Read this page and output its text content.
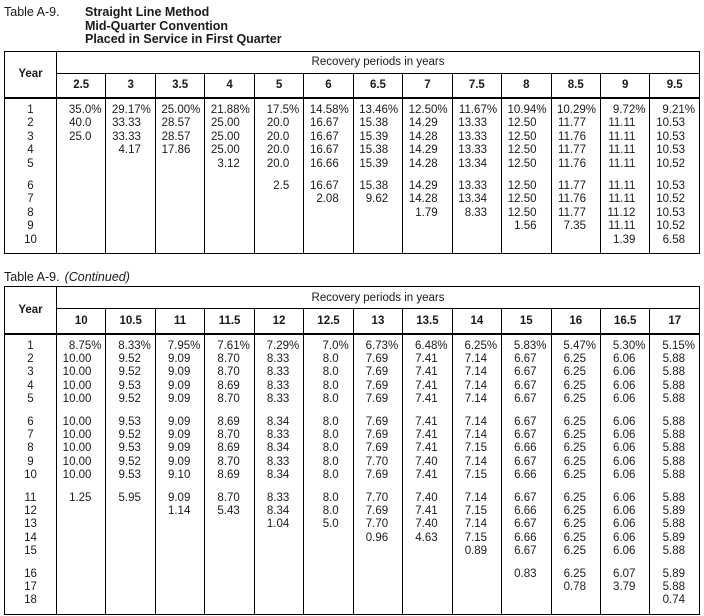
Table A-9.	Straight Line Method
Mid-Quarter Convention
Placed in Service in First Quarter
Year	Recovery periods in years												
	2.5	3	3.5	4	5	6	6.5	7	7.5	8	8.5	9	9.5
1	35.0%	29.17%	25.00%	21.88%	17.5%	14.58%	13.46%	12.50%	11.67%	10.94%	10.29%	9.72%	9.21%
2	40.0	33.33	28.57	25.00	20.0	16.67	15.38	14.29	13.33	12.50	11.77	11.11	10.53
3	25.0	33.33	28.57	25.00	20.0	16.67	15.39	14.28	13.33	12.50	11.76	11.11	10.53
4		4.17	17.86	25.00	20.0	16.67	15.38	14.29	13.33	12.50	11.77	11.11	10.53
5				3.12	20.0	16.66	15.39	14.28	13.34	12.50	11.76	11.11	10.52

6					2.5	16.67	15.38	14.29	13.33	12.50	11.77	11.11	10.53
7						2.08	9.62	14.28	13.34	12.50	11.76	11.11	10.52
8								1.79	8.33	12.50	11.77	11.12	10.53
9										1.56	7.35	11.11	10.52
10												1.39	6.58
Table A-9. (Continued)
Year	Recovery periods in years												
	10	10.5	11	11.5	12	12.5	13	13.5	14	15	16	16.5	17
1	8.75%	8.33%	7.95%	7.61%	7.29%	7.0%	6.73%	6.48%	6.25%	5.83%	5.47%	5.30%	5.15%
2	10.00	9.52	9.09	8.70	8.33	8.0	7.69	7.41	7.14	6.67	6.25	6.06	5.88
3	10.00	9.52	9.09	8.70	8.33	8.0	7.69	7.41	7.14	6.67	6.25	6.06	5.88
4	10.00	9.53	9.09	8.69	8.33	8.0	7.69	7.41	7.14	6.67	6.25	6.06	5.88
5	10.00	9.52	9.09	8.70	8.33	8.0	7.69	7.41	7.14	6.67	6.25	6.06	5.88

6	10.00	9.53	9.09	8.69	8.34	8.0	7.69	7.41	7.14	6.67	6.25	6.06	5.88
7	10.00	9.52	9.09	8.70	8.33	8.0	7.69	7.41	7.14	6.67	6.25	6.06	5.88
8	10.00	9.53	9.09	8.69	8.34	8.0	7.69	7.41	7.15	6.66	6.25	6.06	5.88
9	10.00	9.52	9.09	8.70	8.33	8.0	7.70	7.40	7.14	6.67	6.25	6.06	5.88
10	10.00	9.53	9.10	8.69	8.34	8.0	7.69	7.41	7.15	6.66	6.25	6.06	5.88

11	1.25	5.95	9.09	8.70	8.33	8.0	7.70	7.40	7.14	6.67	6.25	6.06	5.88
12			1.14	5.43	8.34	8.0	7.69	7.41	7.15	6.66	6.25	6.06	5.89
13					1.04	5.0	7.70	7.40	7.14	6.67	6.25	6.06	5.88
14							0.96	4.63	7.15	6.66	6.25	6.06	5.89
15									0.89	6.67	6.25	6.06	5.88

16										0.83	6.25	6.07	5.89
17											0.78	3.79	5.88
18													0.74
